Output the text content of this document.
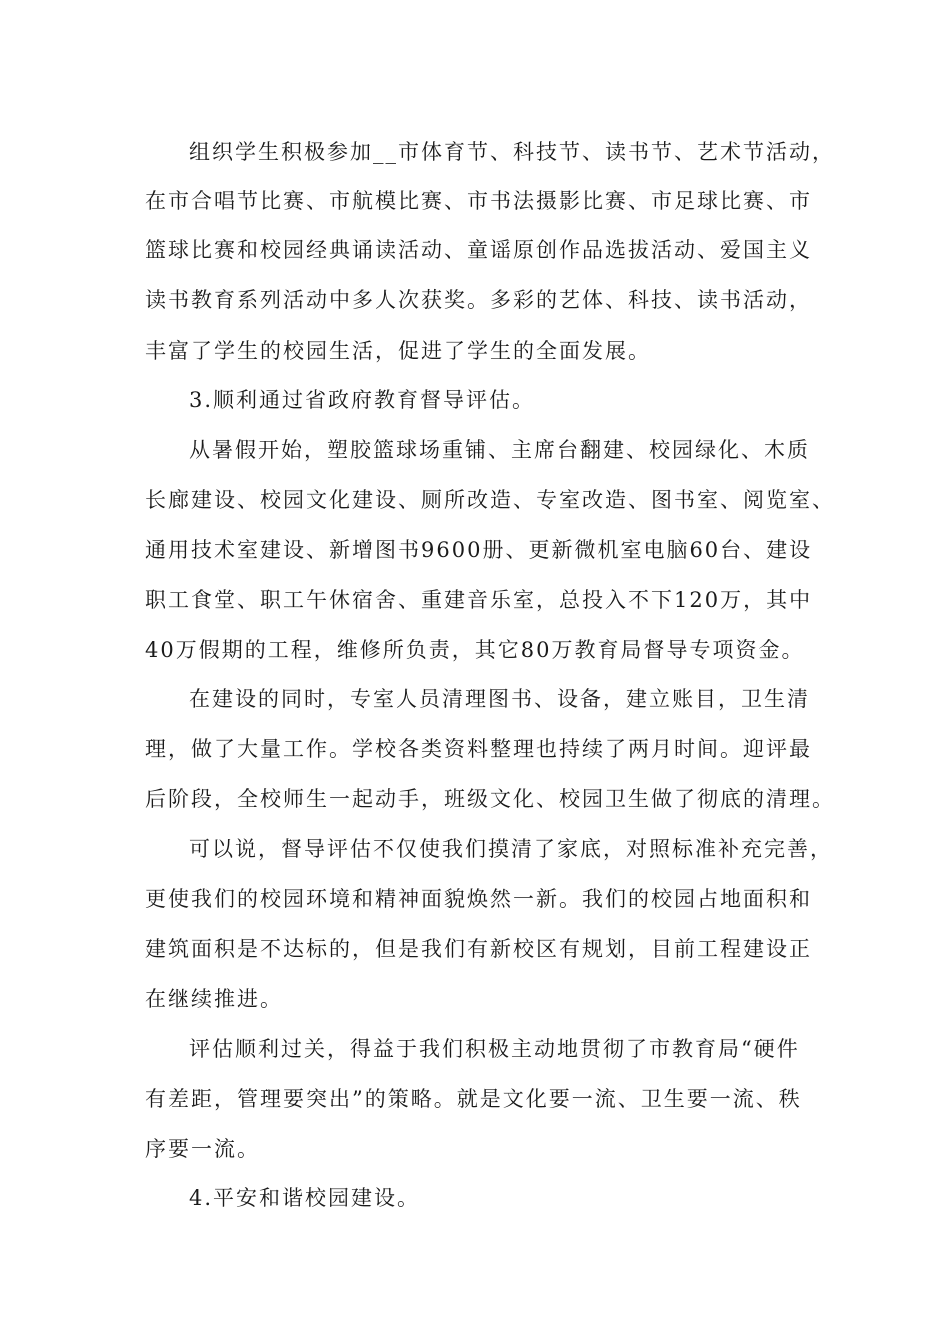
组织学生积极参加__市体育节、科技节、读书节、艺术节活动，
在市合唱节比赛、市航模比赛、市书法摄影比赛、市足球比赛、市
篮球比赛和校园经典诵读活动、童谣原创作品选拔活动、爱国主义
读书教育系列活动中多人次获奖。多彩的艺体、科技、读书活动，
丰富了学生的校园生活，促进了学生的全面发展。
3.顺利通过省政府教育督导评估。
从暑假开始，塑胶篮球场重铺、主席台翻建、校园绿化、木质
长廊建设、校园文化建设、厕所改造、专室改造、图书室、阅览室、
通用技术室建设、新增图书9600册、更新微机室电脑60台、建设
职工食堂、职工午休宿舍、重建音乐室，总投入不下120万，其中
40万假期的工程，维修所负责，其它80万教育局督导专项资金。
在建设的同时，专室人员清理图书、设备，建立账目，卫生清
理，做了大量工作。学校各类资料整理也持续了两月时间。迎评最
后阶段，全校师生一起动手，班级文化、校园卫生做了彻底的清理。
可以说，督导评估不仅使我们摸清了家底，对照标准补充完善，
更使我们的校园环境和精神面貌焕然一新。我们的校园占地面积和
建筑面积是不达标的，但是我们有新校区有规划，目前工程建设正
在继续推进。
评估顺利过关，得益于我们积极主动地贯彻了市教育局“硬件
有差距，管理要突出”的策略。就是文化要一流、卫生要一流、秩
序要一流。
4.平安和谐校园建设。
